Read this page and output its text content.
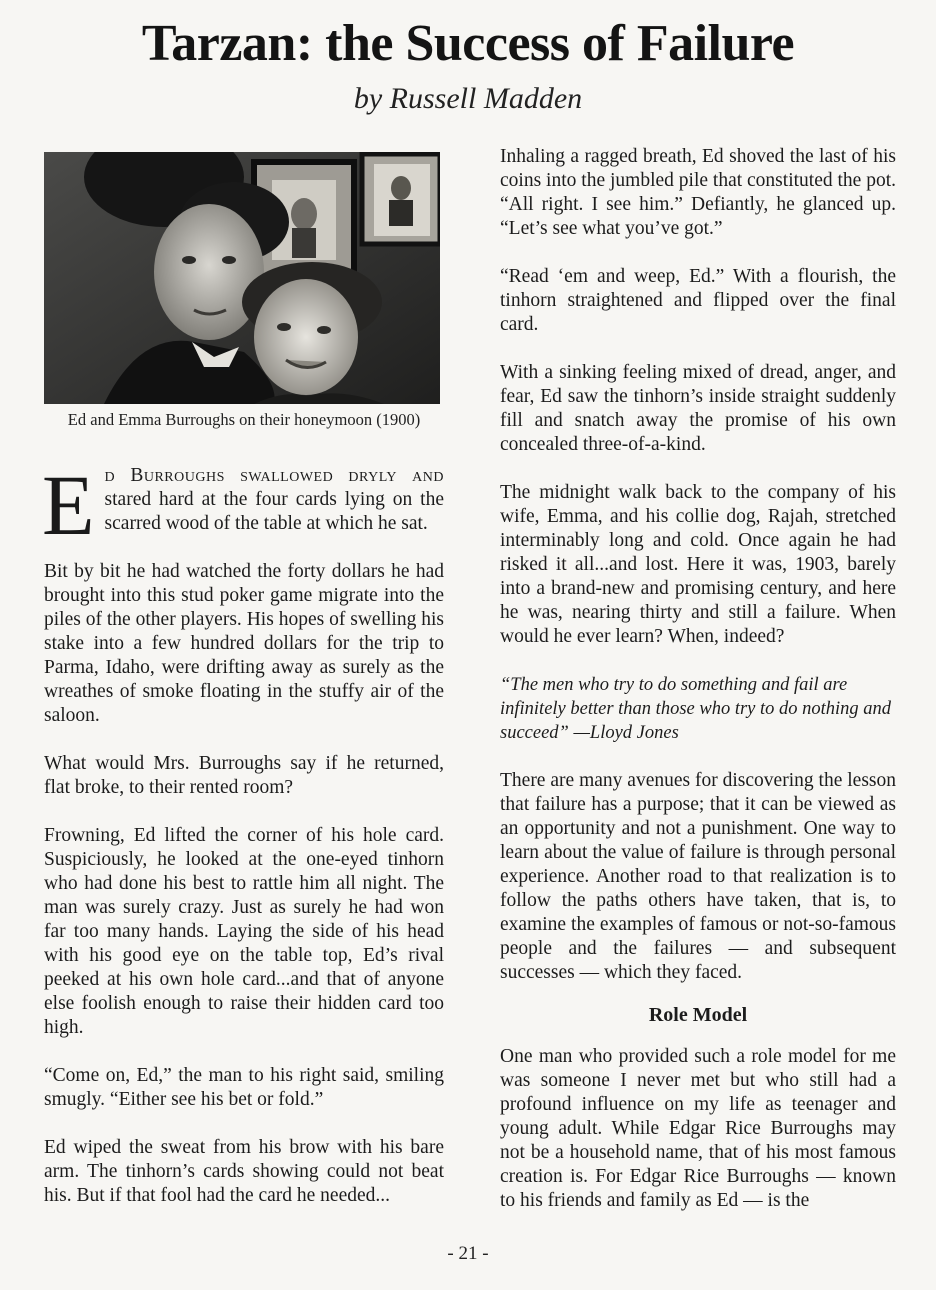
Tarzan: the Success of Failure
by Russell Madden
Ed and Emma Burroughs on their honeymoon (1900)
Ed Burroughs swallowed dryly and stared hard at the four cards lying on the scarred wood of the table at which he sat.

Bit by bit he had watched the forty dollars he had brought into this stud poker game migrate into the piles of the other players. His hopes of swelling his stake into a few hundred dollars for the trip to Parma, Idaho, were drifting away as surely as the wreathes of smoke floating in the stuffy air of the saloon.

What would Mrs. Burroughs say if he returned, flat broke, to their rented room?

Frowning, Ed lifted the corner of his hole card. Suspiciously, he looked at the one-eyed tinhorn who had done his best to rattle him all night. The man was surely crazy. Just as surely he had won far too many hands. Laying the side of his head with his good eye on the table top, Ed’s rival peeked at his own hole card...and that of anyone else foolish enough to raise their hidden card too high.

“Come on, Ed,” the man to his right said, smiling smugly. “Either see his bet or fold.”

Ed wiped the sweat from his brow with his bare arm. The tinhorn’s cards showing could not beat his. But if that fool had the card he needed...

Inhaling a ragged breath, Ed shoved the last of his coins into the jumbled pile that constituted the pot. “All right. I see him.” Defiantly, he glanced up. “Let’s see what you’ve got.”

“Read ‘em and weep, Ed.” With a flourish, the tinhorn straightened and flipped over the final card.

With a sinking feeling mixed of dread, anger, and fear, Ed saw the tinhorn’s inside straight suddenly fill and snatch away the promise of his own concealed three-of-a-kind.

The midnight walk back to the company of his wife, Emma, and his collie dog, Rajah, stretched interminably long and cold. Once again he had risked it all...and lost. Here it was, 1903, barely into a brand-new and promising century, and here he was, nearing thirty and still a failure. When would he ever learn? When, indeed?

“The men who try to do something and fail are infinitely better than those who try to do nothing and succeed” —Lloyd Jones

There are many avenues for discovering the lesson that failure has a purpose; that it can be viewed as an opportunity and not a punishment. One way to learn about the value of failure is through personal experience. Another road to that realization is to follow the paths others have taken, that is, to examine the examples of famous or not-so-famous people and the failures — and subsequent successes — which they faced.

Role Model

One man who provided such a role model for me was someone I never met but who still had a profound influence on my life as teenager and young adult. While Edgar Rice Burroughs may not be a household name, that of his most famous creation is. For Edgar Rice Burroughs — known to his friends and family as Ed — is the

- 21 -
